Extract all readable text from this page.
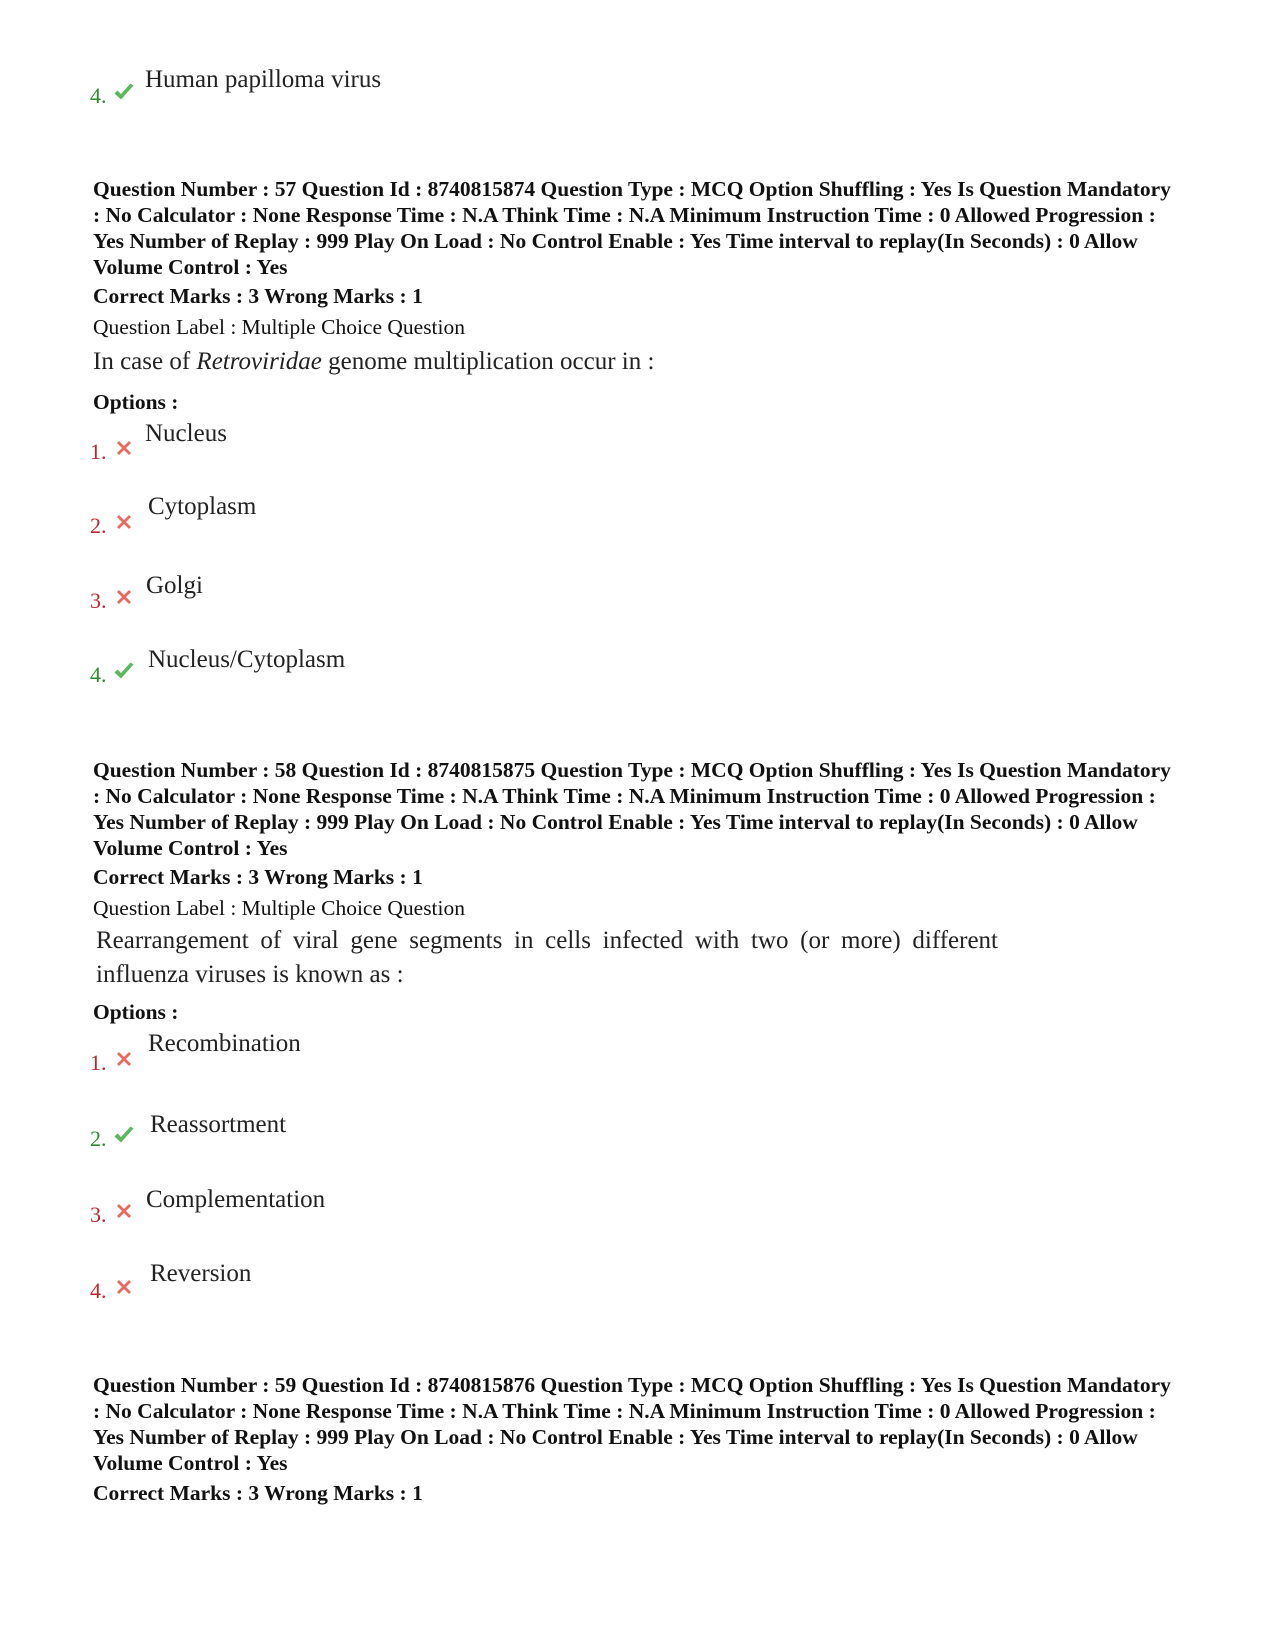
4.
Human papilloma virus

Question Number : 57 Question Id : 8740815874 Question Type : MCQ Option Shuffling : Yes Is Question Mandatory : No Calculator : None Response Time : N.A Think Time : N.A Minimum Instruction Time : 0 Allowed Progression : Yes Number of Replay : 999 Play On Load : No Control Enable : Yes Time interval to replay(In Seconds) : 0 Allow Volume Control : Yes

Correct Marks : 3 Wrong Marks : 1
Question Label : Multiple Choice Question
In case of Retroviridae genome multiplication occur in :
Options :
1.
Nucleus
2.
Cytoplasm
3.
Golgi
4.
Nucleus/Cytoplasm

Question Number : 58 Question Id : 8740815875 Question Type : MCQ Option Shuffling : Yes Is Question Mandatory : No Calculator : None Response Time : N.A Think Time : N.A Minimum Instruction Time : 0 Allowed Progression : Yes Number of Replay : 999 Play On Load : No Control Enable : Yes Time interval to replay(In Seconds) : 0 Allow Volume Control : Yes

Correct Marks : 3 Wrong Marks : 1
Question Label : Multiple Choice Question
Rearrangement of viral gene segments in cells infected with two (or more) different
influenza viruses is known as :
Options :
1.
Recombination
2.
Reassortment
3.
Complementation
4.
Reversion

Question Number : 59 Question Id : 8740815876 Question Type : MCQ Option Shuffling : Yes Is Question Mandatory : No Calculator : None Response Time : N.A Think Time : N.A Minimum Instruction Time : 0 Allowed Progression : Yes Number of Replay : 999 Play On Load : No Control Enable : Yes Time interval to replay(In Seconds) : 0 Allow Volume Control : Yes

Correct Marks : 3 Wrong Marks : 1
